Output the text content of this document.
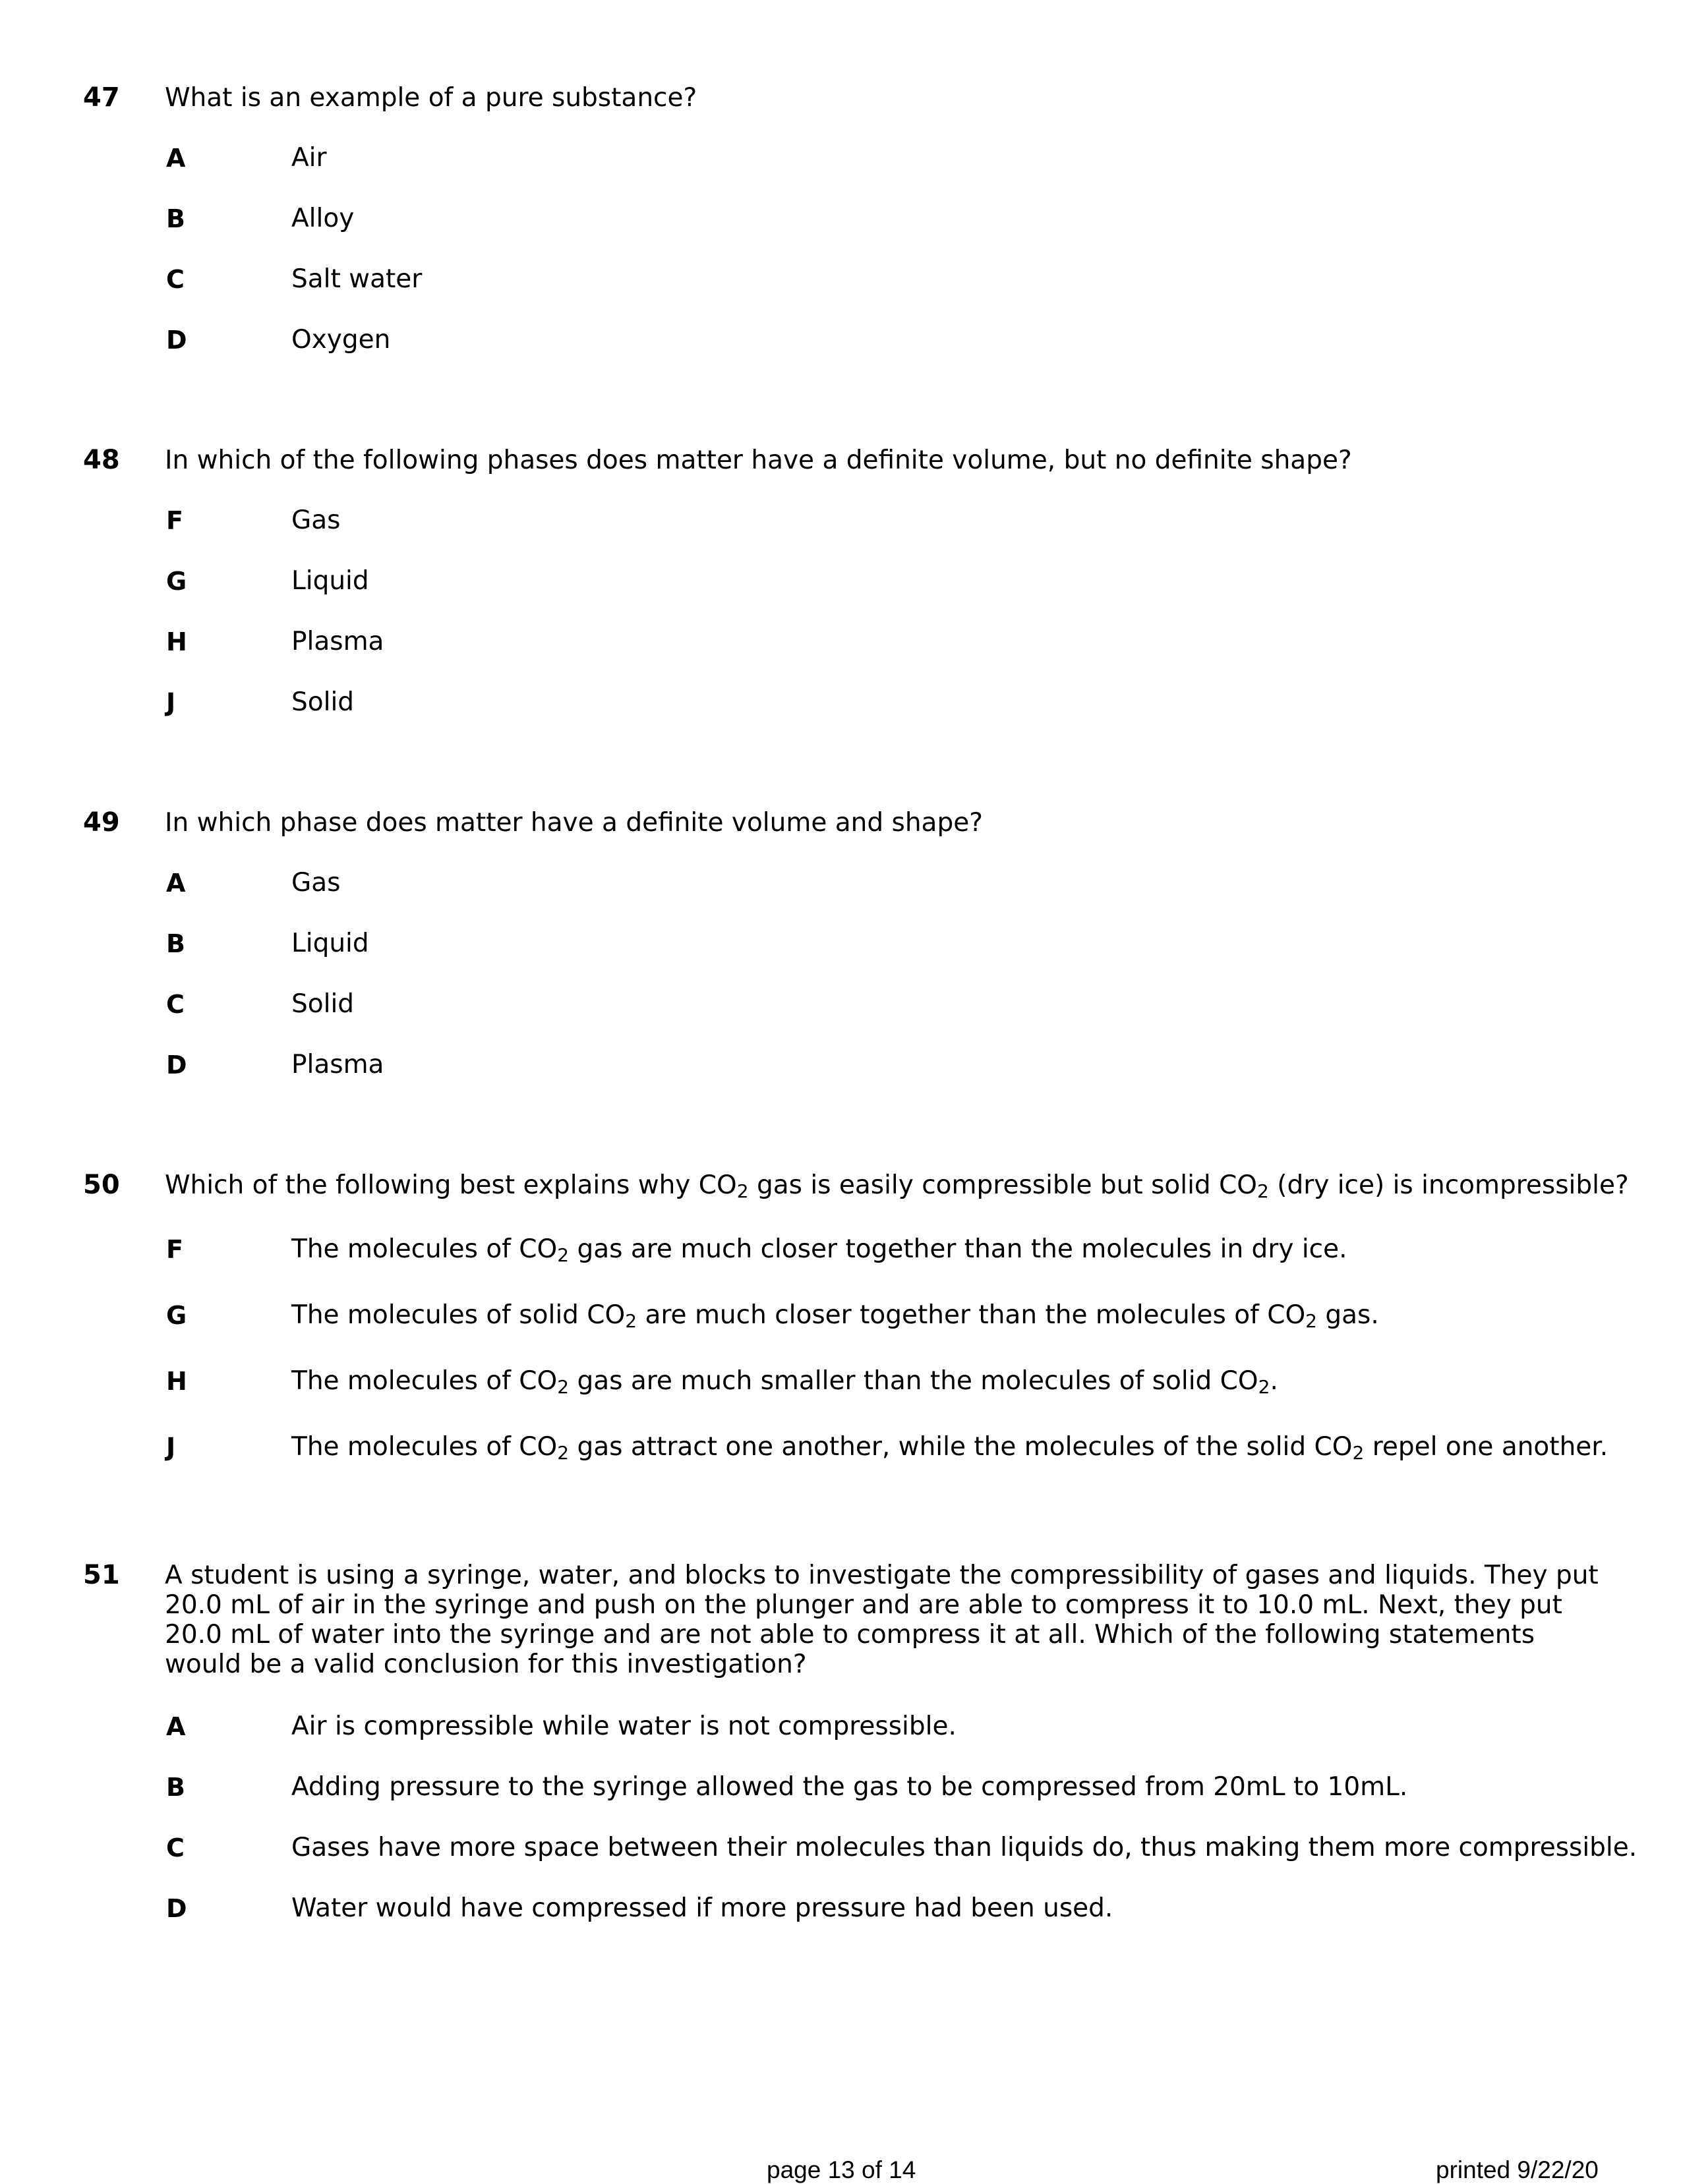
47 What is an example of a pure substance?
A	Air
B	Alloy
C	Salt water
D	Oxygen
48 In which of the following phases does matter have a definite volume, but no definite shape?
F	Gas
G	Liquid
H	Plasma
J	Solid
49 In which phase does matter have a definite volume and shape?
A	Gas
B	Liquid
C	Solid
D	Plasma
50 Which of the following best explains why $CO_2$ gas is easily compressible but solid $CO_2$ (dry ice) is incompressible?
F	The molecules of $CO_2$ gas are much closer together than the molecules in dry ice.
G	The molecules of solid $CO_2$ are much closer together than the molecules of $CO_2$ gas.
H	The molecules of $CO_2$ gas are much smaller than the molecules of solid $CO_2$.
J	The molecules of $CO_2$ gas attract one another, while the molecules of the solid $CO_2$ repel one another.
51 A student is using a syringe, water, and blocks to investigate the compressibility of gases and liquids. They put 20.0 mL of air in the syringe and push on the plunger and are able to compress it to 10.0 mL. Next, they put 20.0 mL of water into the syringe and are not able to compress it at all. Which of the following statements would be a valid conclusion for this investigation?
A	Air is compressible while water is not compressible.
B	Adding pressure to the syringe allowed the gas to be compressed from 20mL to 10mL.
C	Gases have more space between their molecules than liquids do, thus making them more compressible.
D	Water would have compressed if more pressure had been used.
page 13 of 14	printed 9/22/20
